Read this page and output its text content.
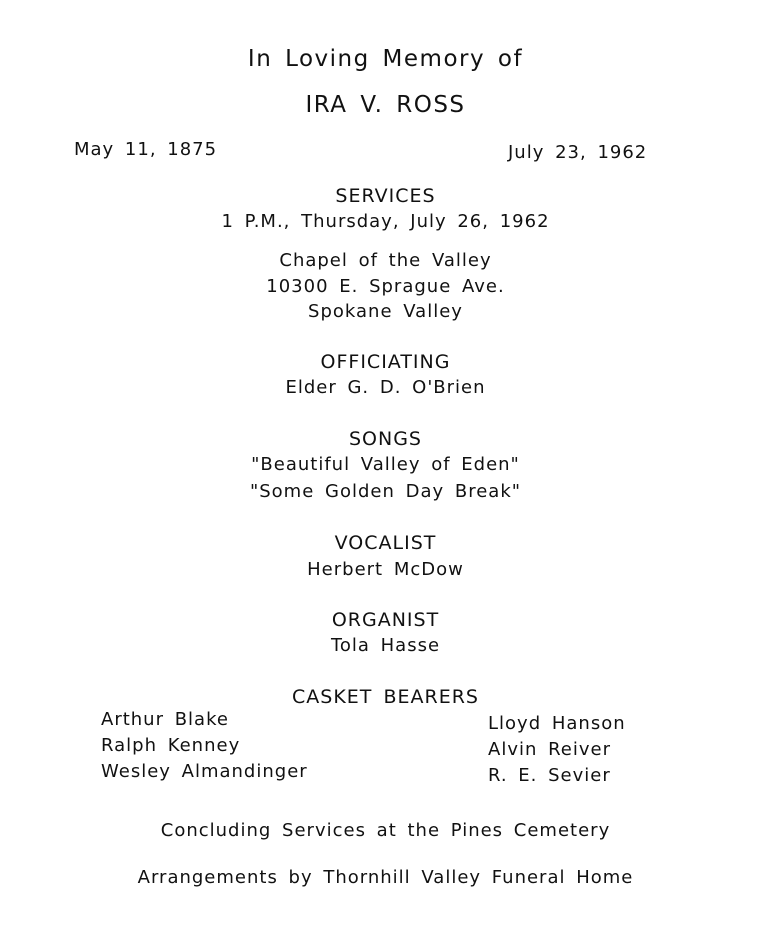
In Loving Memory of
IRA V. ROSS
May 11, 1875	July 23, 1962
SERVICES
1 P.M., Thursday, July 26, 1962
Chapel of the Valley
10300 E. Sprague Ave.
Spokane Valley
OFFICIATING
Elder G. D. O'Brien
SONGS
"Beautiful Valley of Eden"
"Some Golden Day Break"
VOCALIST
Herbert McDow
ORGANIST
Tola Hasse
CASKET BEARERS
Arthur Blake
Ralph Kenney
Wesley Almandinger
Lloyd Hanson
Alvin Reiver
R. E. Sevier
Concluding Services at the Pines Cemetery
Arrangements by Thornhill Valley Funeral Home
